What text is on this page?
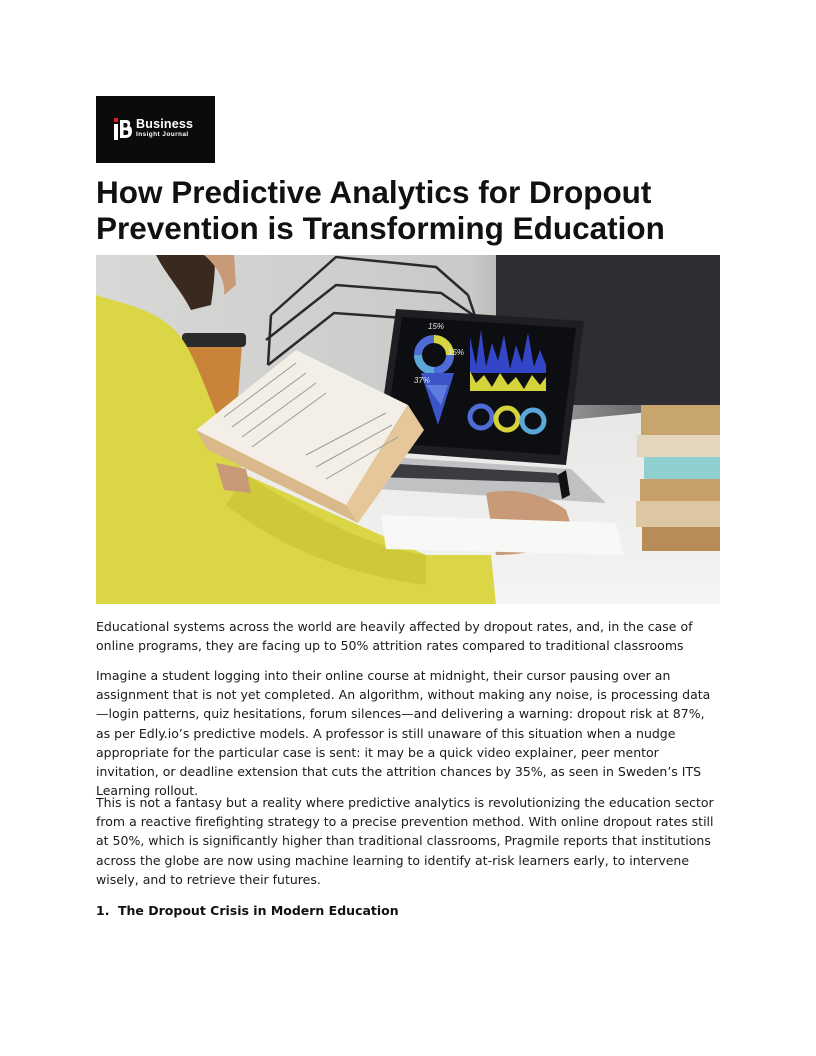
Business
Insight Journal
How Predictive Analytics for Dropout Prevention is Transforming Education
15%
15%
37%

Educational systems across the world are heavily affected by dropout rates, and, in the case of online programs, they are facing up to 50% attrition rates compared to traditional classrooms

Imagine a student logging into their online course at midnight, their cursor pausing over an assignment that is not yet completed. An algorithm, without making any noise, is processing data—login patterns, quiz hesitations, forum silences—and delivering a warning: dropout risk at 87%, as per Edly.io’s predictive models. A professor is still unaware of this situation when a nudge appropriate for the particular case is sent: it may be a quick video explainer, peer mentor invitation, or deadline extension that cuts the attrition chances by 35%, as seen in Sweden’s ITS Learning rollout.

This is not a fantasy but a reality where predictive analytics is revolutionizing the education sector from a reactive firefighting strategy to a precise prevention method. With online dropout rates still at 50%, which is significantly higher than traditional classrooms, Pragmile reports that institutions across the globe are now using machine learning to identify at-risk learners early, to intervene wisely, and to retrieve their futures.

1. The Dropout Crisis in Modern Education
